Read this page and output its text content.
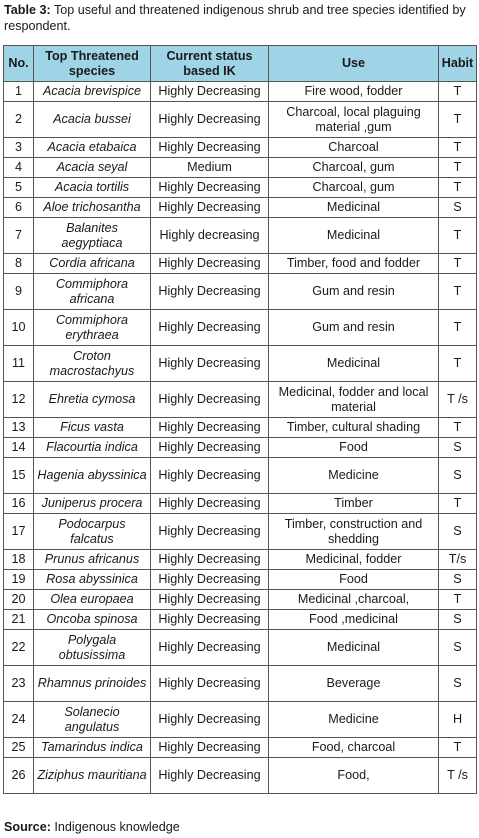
Table 3: Top useful and threatened indigenous shrub and tree species identified by respondent.
No.	Top Threatened species	Current status based IK	Use	Habit
1	Acacia brevispice	Highly Decreasing	Fire wood, fodder	T
2	Acacia bussei	Highly Decreasing	Charcoal, local plaguing material ,gum	T
3	Acacia etabaica	Highly Decreasing	Charcoal	T
4	Acacia seyal	Medium	Charcoal, gum	T
5	Acacia tortilis	Highly Decreasing	Charcoal, gum	T
6	Aloe trichosantha	Highly Decreasing	Medicinal	S
7	Balanites aegyptiaca	Highly decreasing	Medicinal	T
8	Cordia africana	Highly Decreasing	Timber, food and fodder	T
9	Commiphora africana	Highly Decreasing	Gum and resin	T
10	Commiphora erythraea	Highly Decreasing	Gum and resin	T
11	Croton macrostachyus	Highly Decreasing	Medicinal	T
12	Ehretia cymosa	Highly Decreasing	Medicinal, fodder and local material	T /s
13	Ficus vasta	Highly Decreasing	Timber, cultural shading	T
14	Flacourtia indica	Highly Decreasing	Food	S
15	Hagenia abyssinica	Highly Decreasing	Medicine	S
16	Juniperus procera	Highly Decreasing	Timber	T
17	Podocarpus falcatus	Highly Decreasing	Timber, construction and shedding	S
18	Prunus africanus	Highly Decreasing	Medicinal, fodder	T/s
19	Rosa abyssinica	Highly Decreasing	Food	S
20	Olea europaea	Highly Decreasing	Medicinal ,charcoal,	T
21	Oncoba spinosa	Highly Decreasing	Food ,medicinal	S
22	Polygala obtusissima	Highly Decreasing	Medicinal	S
23	Rhamnus prinoides	Highly Decreasing	Beverage	S
24	Solanecio angulatus	Highly Decreasing	Medicine	H
25	Tamarindus indica	Highly Decreasing	Food, charcoal	T
26	Ziziphus mauritiana	Highly Decreasing	Food,	T /s
Source: Indigenous knowledge
